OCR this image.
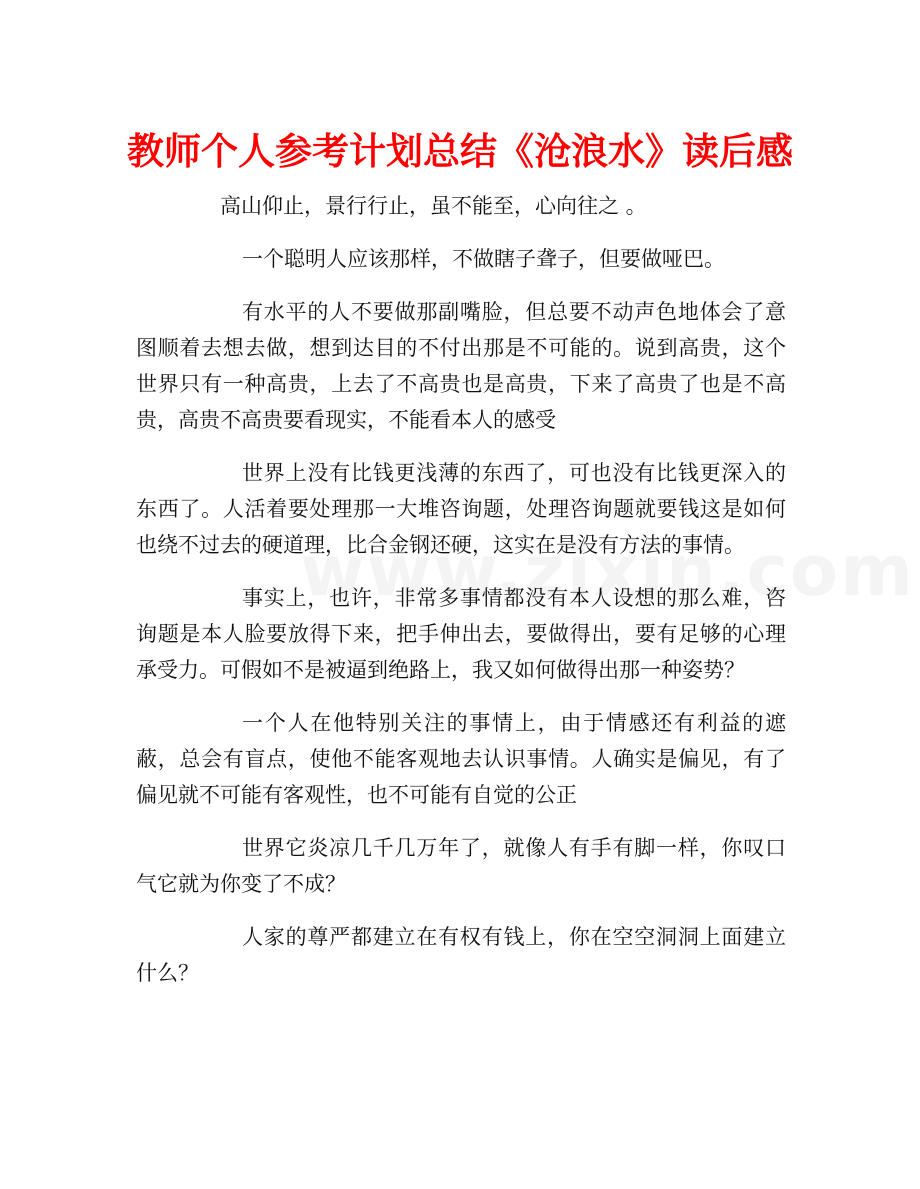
教师个人参考计划总结《沧浪水》读后感

高山仰止，景行行止，虽不能至，心向往之 。

一个聪明人应该那样，不做瞎子聋子，但要做哑巴。

有水平的人不要做那副嘴脸，但总要不动声色地体会了意图顺着去想去做，想到达目的不付出那是不可能的。说到高贵，这个世界只有一种高贵，上去了不高贵也是高贵，下来了高贵了也是不高贵，高贵不高贵要看现实，不能看本人的感受

世界上没有比钱更浅薄的东西了，可也没有比钱更深入的东西了。人活着要处理那一大堆咨询题，处理咨询题就要钱这是如何也绕不过去的硬道理，比合金钢还硬，这实在是没有方法的事情。

事实上，也许，非常多事情都没有本人设想的那么难，咨询题是本人脸要放得下来，把手伸出去，要做得出，要有足够的心理承受力。可假如不是被逼到绝路上，我又如何做得出那一种姿势？

一个人在他特别关注的事情上，由于情感还有利益的遮蔽，总会有盲点，使他不能客观地去认识事情。人确实是偏见，有了偏见就不可能有客观性，也不可能有自觉的公正

世界它炎凉几千几万年了，就像人有手有脚一样，你叹口气它就为你变了不成？

人家的尊严都建立在有权有钱上，你在空空洞洞上面建立什么？
